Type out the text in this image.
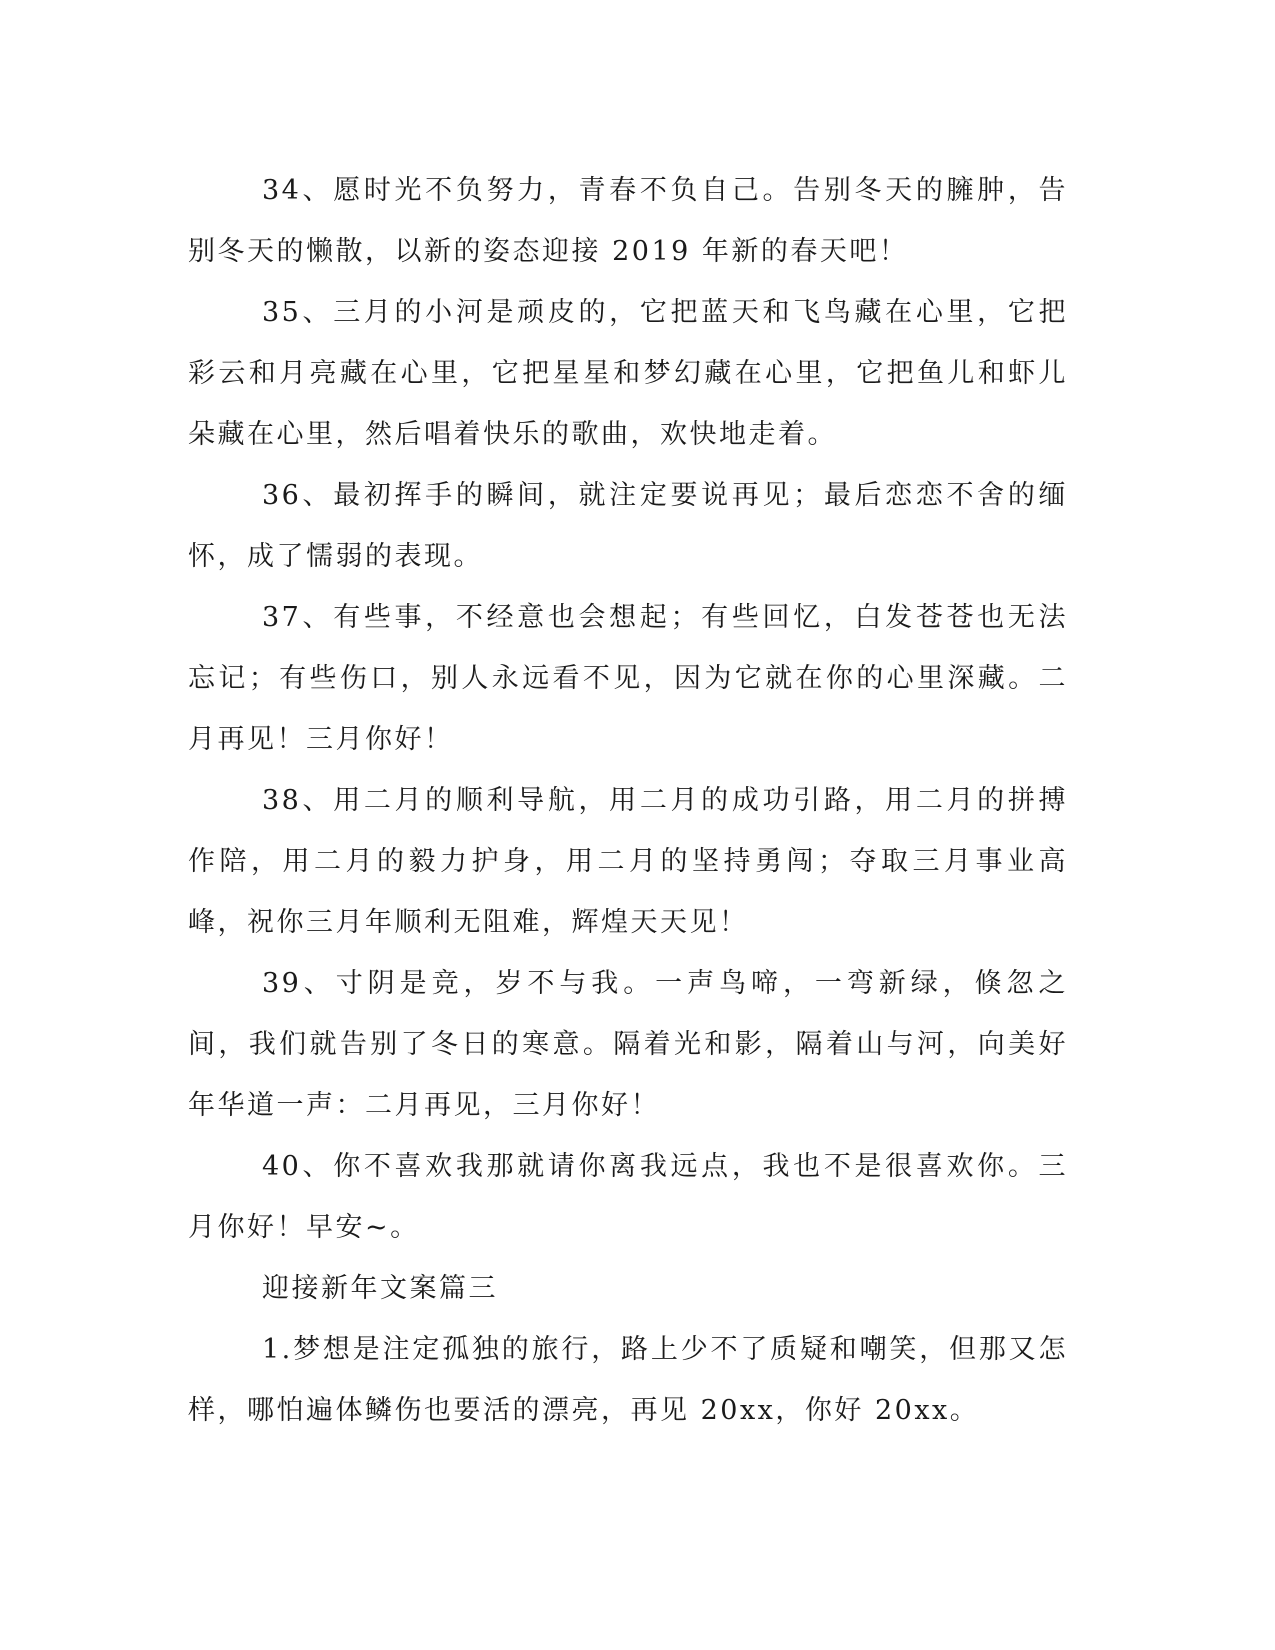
34、愿时光不负努力，青春不负自己。告别冬天的臃肿，告别冬天的懒散，以新的姿态迎接 2019 年新的春天吧！

35、三月的小河是顽皮的，它把蓝天和飞鸟藏在心里，它把彩云和月亮藏在心里，它把星星和梦幻藏在心里，它把鱼儿和虾儿朵藏在心里，然后唱着快乐的歌曲，欢快地走着。

36、最初挥手的瞬间，就注定要说再见；最后恋恋不舍的缅怀，成了懦弱的表现。

37、有些事，不经意也会想起；有些回忆，白发苍苍也无法忘记；有些伤口，别人永远看不见，因为它就在你的心里深藏。二月再见！三月你好！

38、用二月的顺利导航，用二月的成功引路，用二月的拼搏作陪，用二月的毅力护身，用二月的坚持勇闯；夺取三月事业高峰，祝你三月年顺利无阻难，辉煌天天见！

39、寸阴是竞，岁不与我。一声鸟啼，一弯新绿，倏忽之间，我们就告别了冬日的寒意。隔着光和影，隔着山与河，向美好年华道一声：二月再见，三月你好！

40、你不喜欢我那就请你离我远点，我也不是很喜欢你。三月你好！早安~。

迎接新年文案篇三

1.梦想是注定孤独的旅行，路上少不了质疑和嘲笑，但那又怎样，哪怕遍体鳞伤也要活的漂亮，再见 20xx，你好 20xx。
